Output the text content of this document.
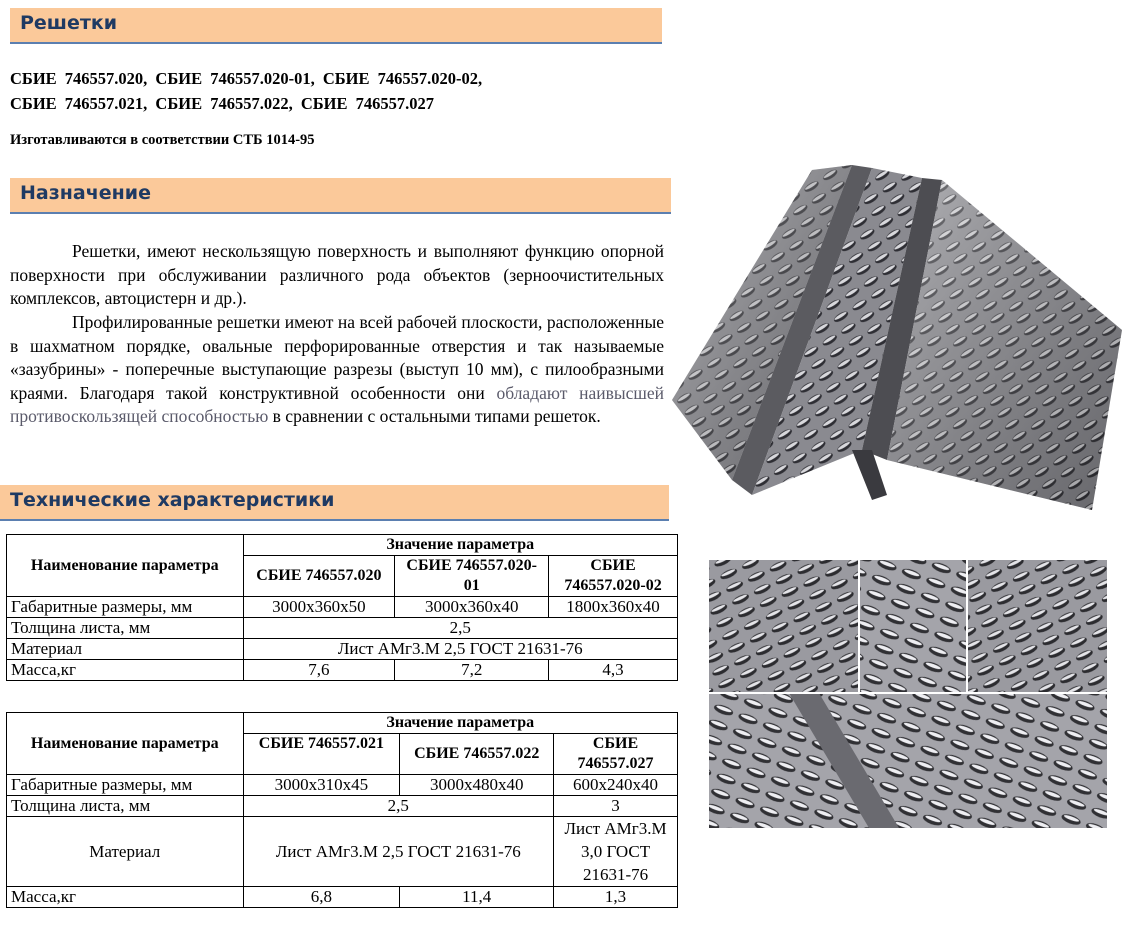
Решетки
СБИЕ 746557.020, СБИЕ 746557.020-01, СБИЕ 746557.020-02,
СБИЕ 746557.021, СБИЕ 746557.022, СБИЕ 746557.027
Изготавливаются в соответствии СТБ 1014-95
Назначение
Решетки, имеют нескользящую поверхность и выполняют функцию опорной поверхности при обслуживании различного рода объектов (зерноочистительных комплексов, автоцистерн и др.).
Профилированные решетки имеют на всей рабочей плоскости, расположенные в шахматном порядке, овальные перфорированные отверстия и так называемые «зазубрины» - поперечные выступающие разрезы (выступ 10 мм), с пилообразными краями. Благодаря такой конструктивной особенности они обладают наивысшей противоскользящей способностью в сравнении с остальными типами решеток.
Технические характеристики
Наименование параметра	Значение параметра		
	СБИЕ 746557.020	СБИЕ 746557.020-01	СБИЕ 746557.020-02
Габаритные размеры, мм	3000x360x50	3000x360x40	1800x360x40
Толщина листа, мм	2,5		
Материал	Лист АМг3.М 2,5 ГОСТ 21631-76		
Масса,кг	7,6	7,2	4,3
Наименование параметра	Значение параметра		
	СБИЕ 746557.021	СБИЕ 746557.022	СБИЕ 746557.027
Габаритные размеры, мм	3000x310x45	3000x480x40	600x240x40
Толщина листа, мм	2,5		3
Материал	Лист АМг3.М 2,5 ГОСТ 21631-76		Лист АМг3.М 3,0 ГОСТ 21631-76
Масса,кг	6,8	11,4	1,3
